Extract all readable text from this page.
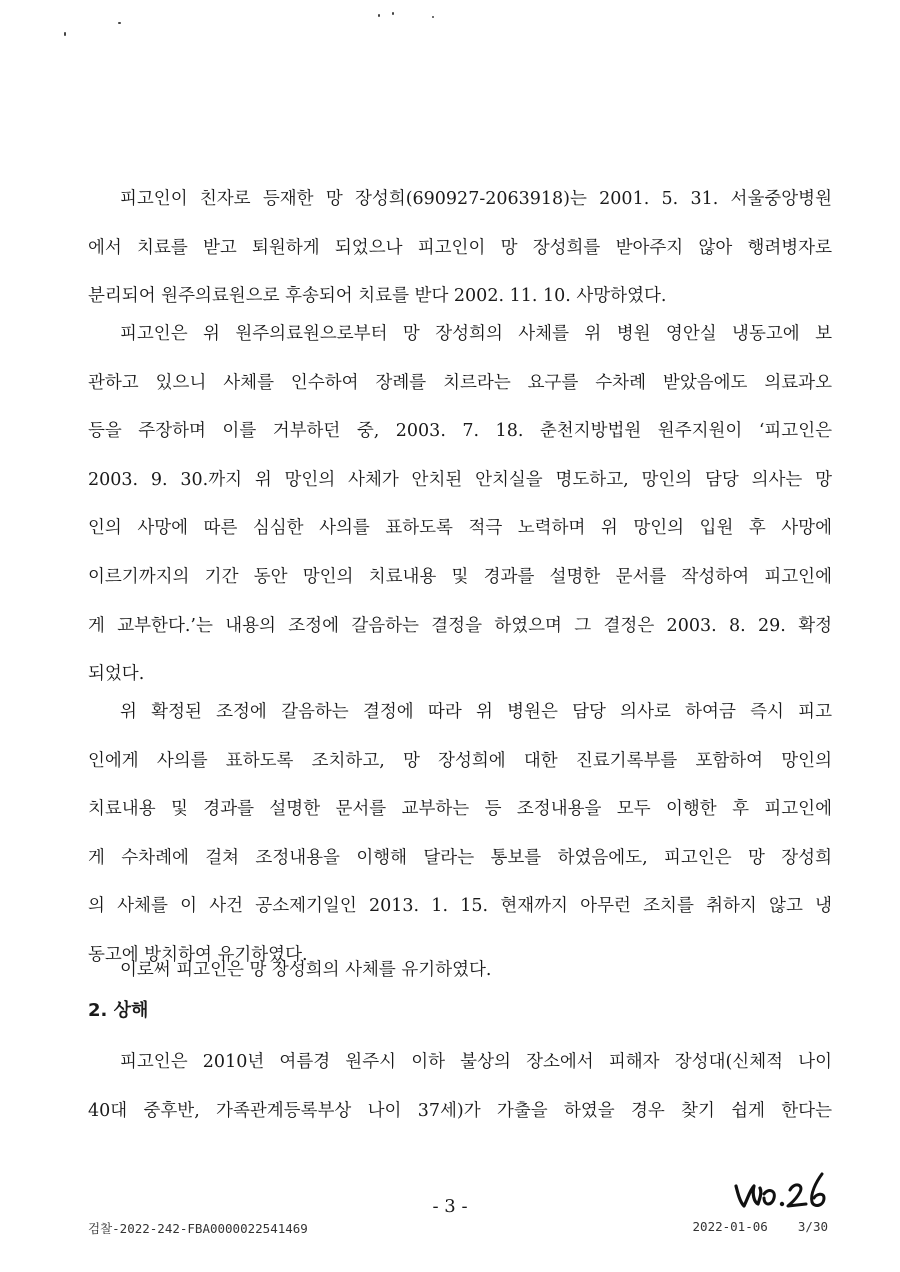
피고인이 친자로 등재한 망 장성희(690927-2063918)는 2001. 5. 31. 서울중앙병원
에서 치료를 받고 퇴원하게 되었으나 피고인이 망 장성희를 받아주지 않아 행려병자로
분리되어 원주의료원으로 후송되어 치료를 받다 2002. 11. 10. 사망하였다.
피고인은 위 원주의료원으로부터 망 장성희의 사체를 위 병원 영안실 냉동고에 보
관하고 있으니 사체를 인수하여 장례를 치르라는 요구를 수차례 받았음에도 의료과오
등을 주장하며 이를 거부하던 중, 2003. 7. 18. 춘천지방법원 원주지원이 ‘피고인은
2003. 9. 30.까지 위 망인의 사체가 안치된 안치실을 명도하고, 망인의 담당 의사는 망
인의 사망에 따른 심심한 사의를 표하도록 적극 노력하며 위 망인의 입원 후 사망에
이르기까지의 기간 동안 망인의 치료내용 및 경과를 설명한 문서를 작성하여 피고인에
게 교부한다.’는 내용의 조정에 갈음하는 결정을 하였으며 그 결정은 2003. 8. 29. 확정
되었다.
위 확정된 조정에 갈음하는 결정에 따라 위 병원은 담당 의사로 하여금 즉시 피고
인에게 사의를 표하도록 조치하고, 망 장성희에 대한 진료기록부를 포함하여 망인의
치료내용 및 경과를 설명한 문서를 교부하는 등 조정내용을 모두 이행한 후 피고인에
게 수차례에 걸쳐 조정내용을 이행해 달라는 통보를 하였음에도, 피고인은 망 장성희
의 사체를 이 사건 공소제기일인 2013. 1. 15. 현재까지 아무런 조치를 취하지 않고 냉
동고에 방치하여 유기하였다.
이로써 피고인은 망 장성희의 사체를 유기하였다.
2. 상해
피고인은 2010년 여름경 원주시 이하 불상의 장소에서 피해자 장성대(신체적 나이
40대 중후반, 가족관계등록부상 나이 37세)가 가출을 하였을 경우 찾기 쉽게 한다는
- 3 -
검찰-2022-242-FBA0000022541469	2022-01-06 3/30
